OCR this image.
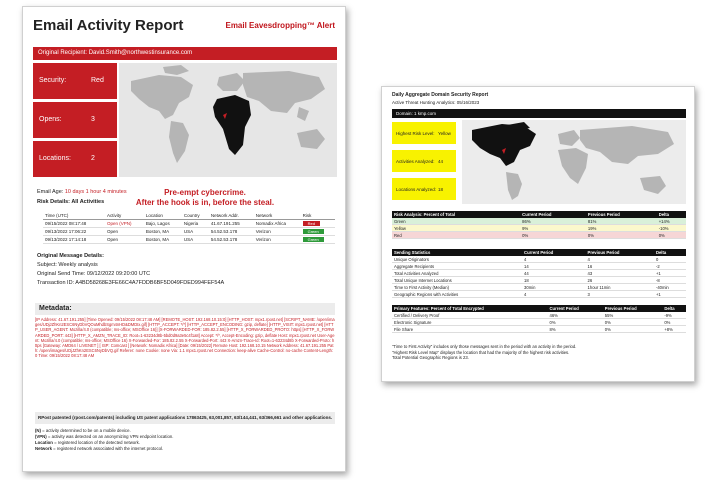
Email Activity Report	Email Eavesdropping™ Alert
Original Recipient: David.Smith@northwestinsurance.com
Security:	Red
Opens:	3
Locations:	2
Pre-empt cybercrime.
After the hook is in, before the steal.
Email Age: 10 days 1 hour 4 minutes
Risk Details: All Activities
Time (UTC)	Activity	Location	Country	Network Addr.	Network	Risk
09/15/2022 08:17:48	Open (VPN)	Bajo, Lagos	Nigeria	41.67.191.255	Nomadix Africa	Red
09/13/2022 17:06:22	Open	Boston, MA	USA	54.52.53.178	Verizon	Green
09/13/2022 17:14:18	Open	Boston, MA	USA	54.52.53.178	Verizon	Green
Original Message Details:
Subject: Weekly analysis
Original Send Time: 09/12/2022 09:20:00 UTC
Transaction ID: A4BD58268E3FE66C4A7FDDB6BF5D049FDED994FEF54A
Metadata:
[IP Address: 41.67.191.255] [Time Opened: 09/15/2022 08:17:48 AM] [REMOTE_HOST: 192.168.10.15:0] [HTTP_HOST: mpx1.rpost.net] [SCRIPT_NAME: /open/images/UDjJZhKn2ESC6NyDbVQOuMhdbSgm4nHD&DMDIx.gif] [HTTP_ACCEPT: */*] [HTTP_ACCEPT_ENCODING: gzip, deflate] [HTTP_VISIT: mpx1.rpost.net] [HTTP_USER_AGENT: Mozilla/4.0 (compatible; ms-office; MSOffice 16)] [X-FORWARDED-FOR: 185.82.2.55] [HTTP_X_FORWARDED_PROTO: https] [HTTP_X_FORWARDED_PORT: 443] [HTTP_X_AMZN_TRACE_ID: Root=1-63234d8b-5bd0d9a3e5c4f1a8] Accept: */*, Accept-Encoding: gzip, deflate Host: mpx1.rpost.net User-Agent: Mozilla/4.0 (compatible; ms-office; MSOffice 16) X-Forwarded-For: 185.82.2.55 X-Forwarded-Port: 443 X-Amzn-Trace-Id: Root=1-63234d8b X-Forwarded-Proto: https [Gateway: AMD64 / LIVENET ] [ ISP: Comcast ] [Network: Nomadix Africa] [Date: 09/15/2022] Remote Host: 192.168.10.15 Network Address: 41.67.191.255 Path: /open/images/UDjJZhKn2ESC6NyDbVQ.gif Referer: none Cookie: none Via: 1.1 mpx1.rpost.net Connection: keep-alive Cache-Control: no-cache Content-Length: 0 Time: 09/15/2022 08:17:48 AM
RPost patented (rpost.com/patents) including US patent applications 17863425, 63,001,857, 63/144,441, 63/366,661 and other applications.
(N) = activity determined to be on a mobile device.
(VPN) = activity was detected on an anonymizing VPN endpoint location.
Location = registered location of the detected network.
Network = registered network associated with the internet protocol.
Daily Aggregate Domain Security Report
Active Threat Hunting Analytics: 05/16/2023
Domain: 1 kmp.com
Highest Risk Level: Yellow
Activities Analyzed: 44
Locations Analyzed: 18
Risk Analysis: Percent of Total	Current Period	Previous Period	Delta
Green	86%	81%	+14%
Yellow	9%	19%	-10%
Red	0%	0%	0%
Sending Statistics	Current Period	Previous Period	Delta
Unique Originators	4	4	0
Aggregate Recipients	14	16	-2
Total Activities Analyzed	44	43	+1
Total Unique Internet Locations	18	26	-8
Time to First Activity (Median)	30min	1hour 11min	-40min
Geographic Regions with Activities	4	3	+1
Primary Features: Percent of Total Encrypted	Current Period	Previous Period	Delta
Certified / Delivery Proof	46%	55%	-9%
Electronic Signature	0%	0%	0%
File Share	8%	0%	+8%
"Time to First Activity" includes only those messages sent in the period with an activity in the period.
"Highest Risk Level Map" displays the location that had the majority of the highest risk activities.
Total Potential Geographic Regions is 23.
